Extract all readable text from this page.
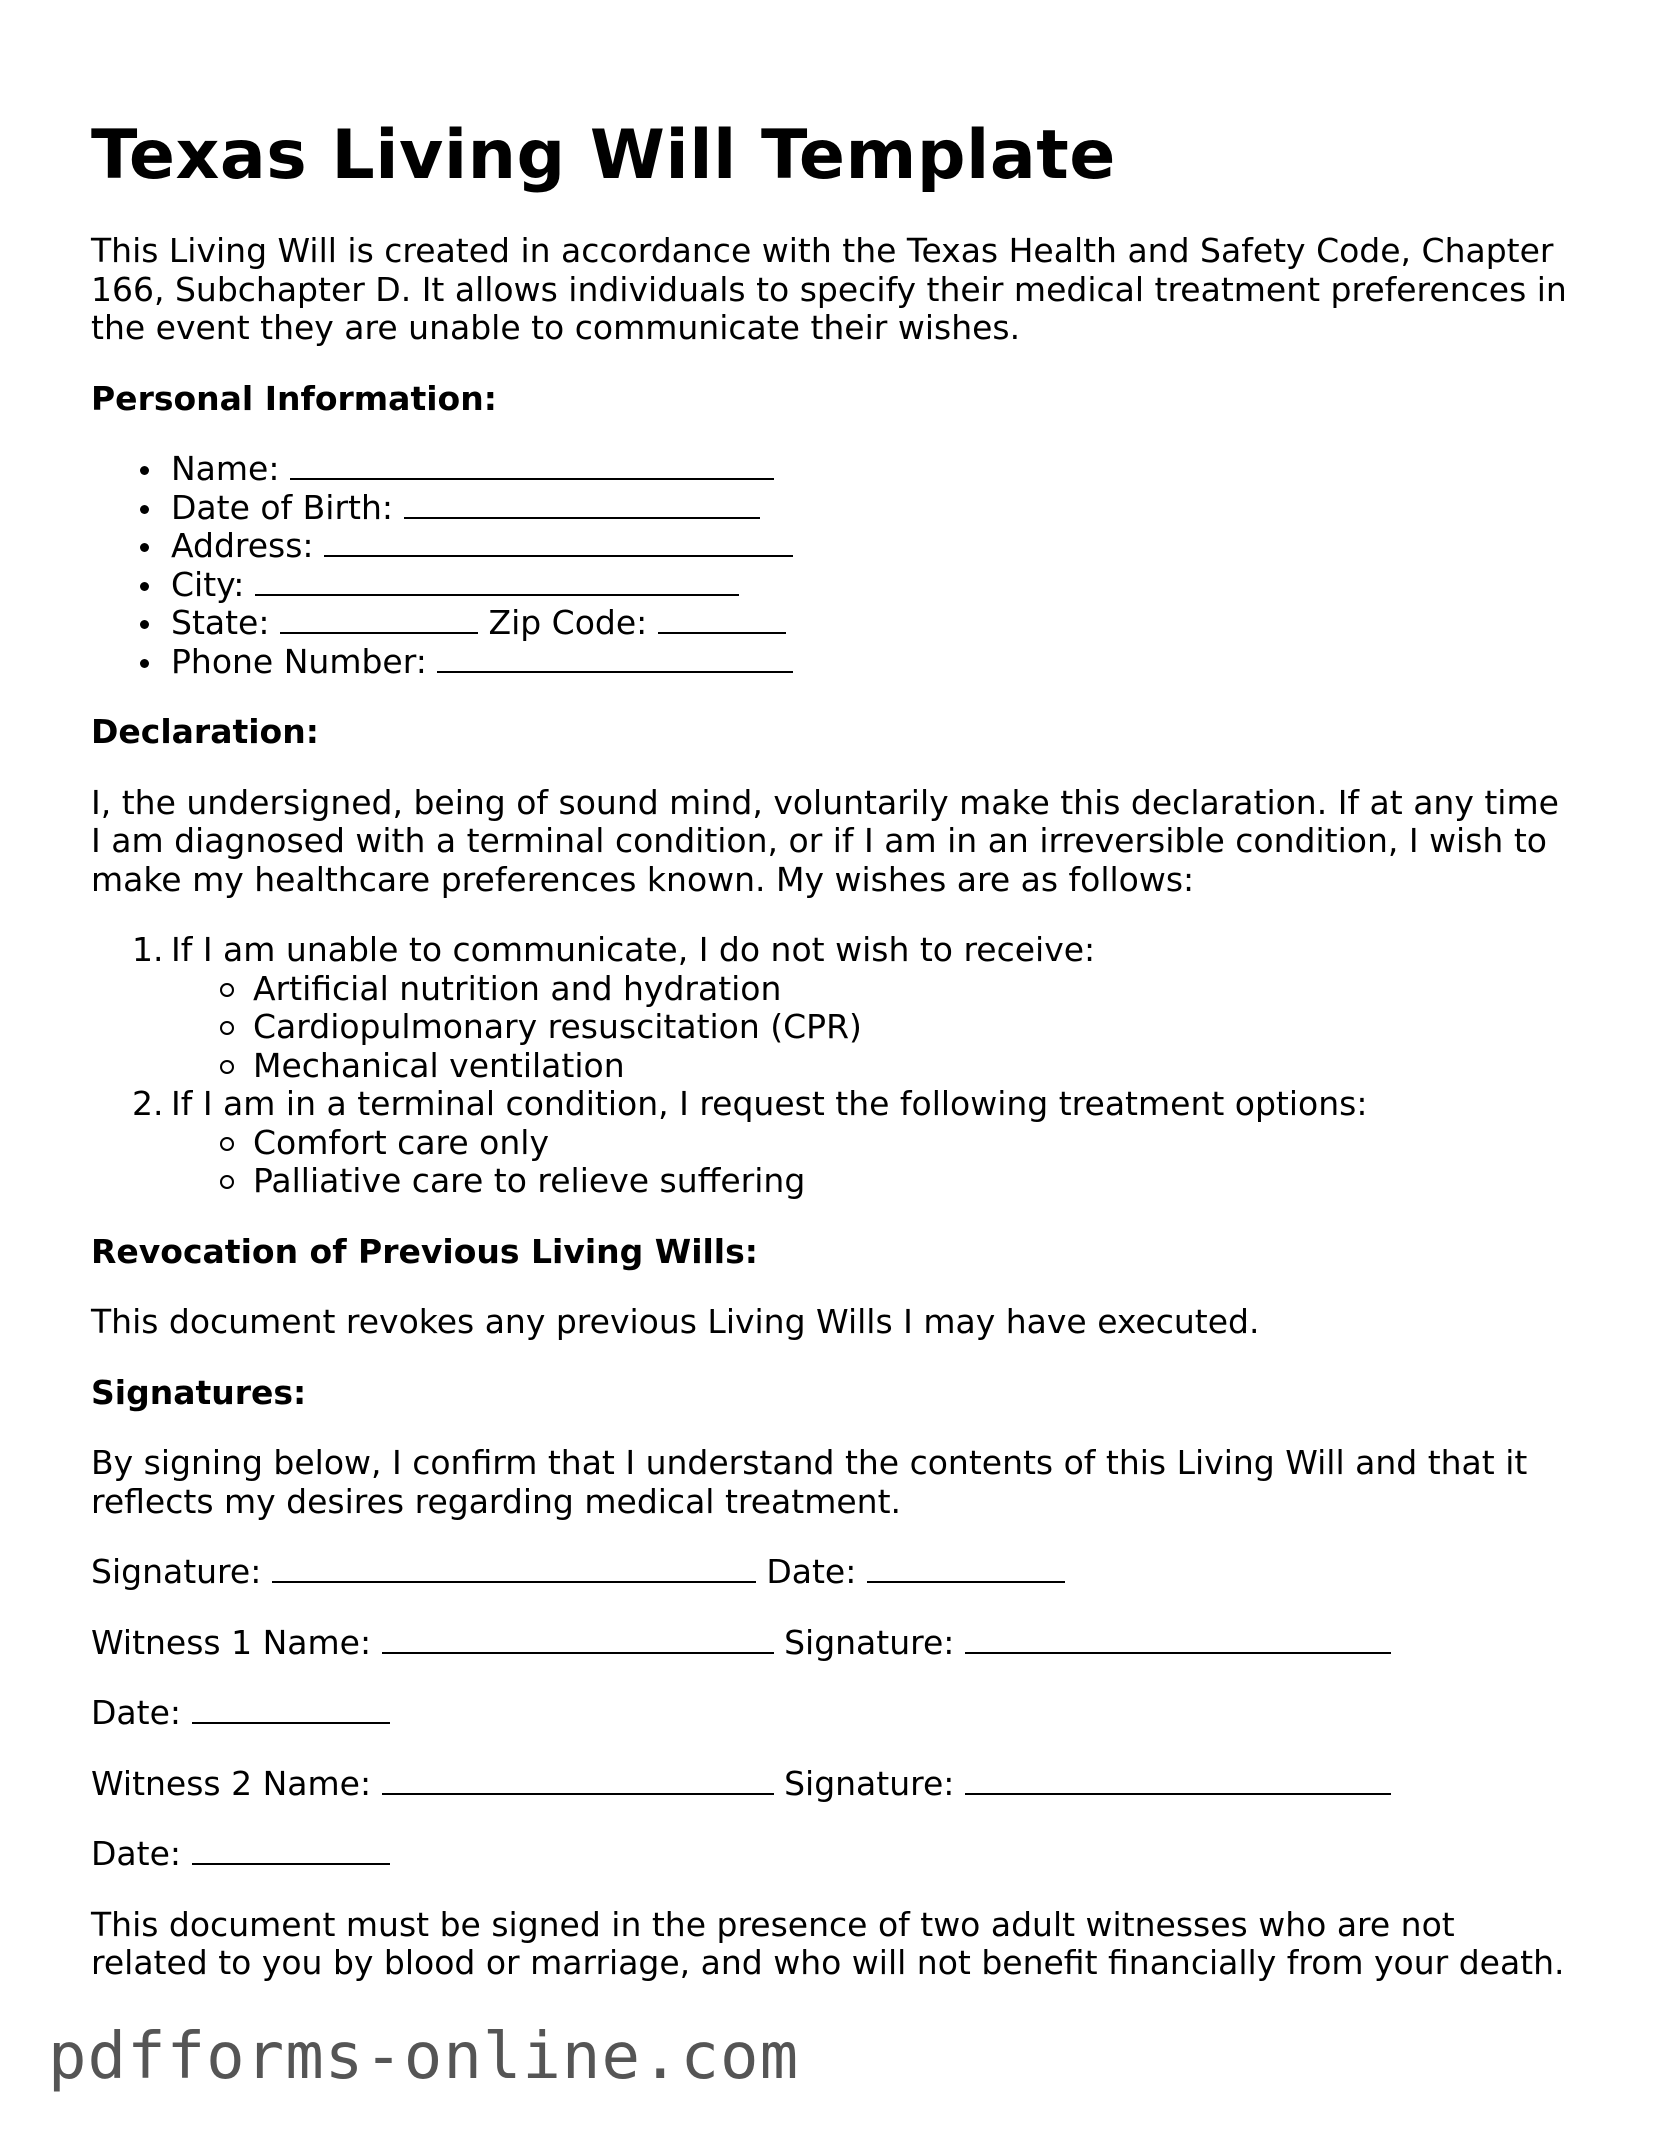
Texas Living Will Template

This Living Will is created in accordance with the Texas Health and Safety Code, Chapter 166, Subchapter D. It allows individuals to specify their medical treatment preferences in the event they are unable to communicate their wishes.

Personal Information:
Name:
Date of Birth:
Address:
City:
State:	Zip Code:
Phone Number:
Declaration:

I, the undersigned, being of sound mind, voluntarily make this declaration. If at any time I am diagnosed with a terminal condition, or if I am in an irreversible condition, I wish to make my healthcare preferences known. My wishes are as follows:

1. If I am unable to communicate, I do not wish to receive:
Artificial nutrition and hydration
Cardiopulmonary resuscitation (CPR)
Mechanical ventilation
2. If I am in a terminal condition, I request the following treatment options:
Comfort care only
Palliative care to relieve suffering
Revocation of Previous Living Wills:

This document revokes any previous Living Wills I may have executed.

Signatures:

By signing below, I confirm that I understand the contents of this Living Will and that it reflects my desires regarding medical treatment.

Signature:	Date:

Witness 1 Name:	Signature:

Date:

Witness 2 Name:	Signature:

Date:

This document must be signed in the presence of two adult witnesses who are not related to you by blood or marriage, and who will not benefit financially from your death.

pdfforms-online.com
